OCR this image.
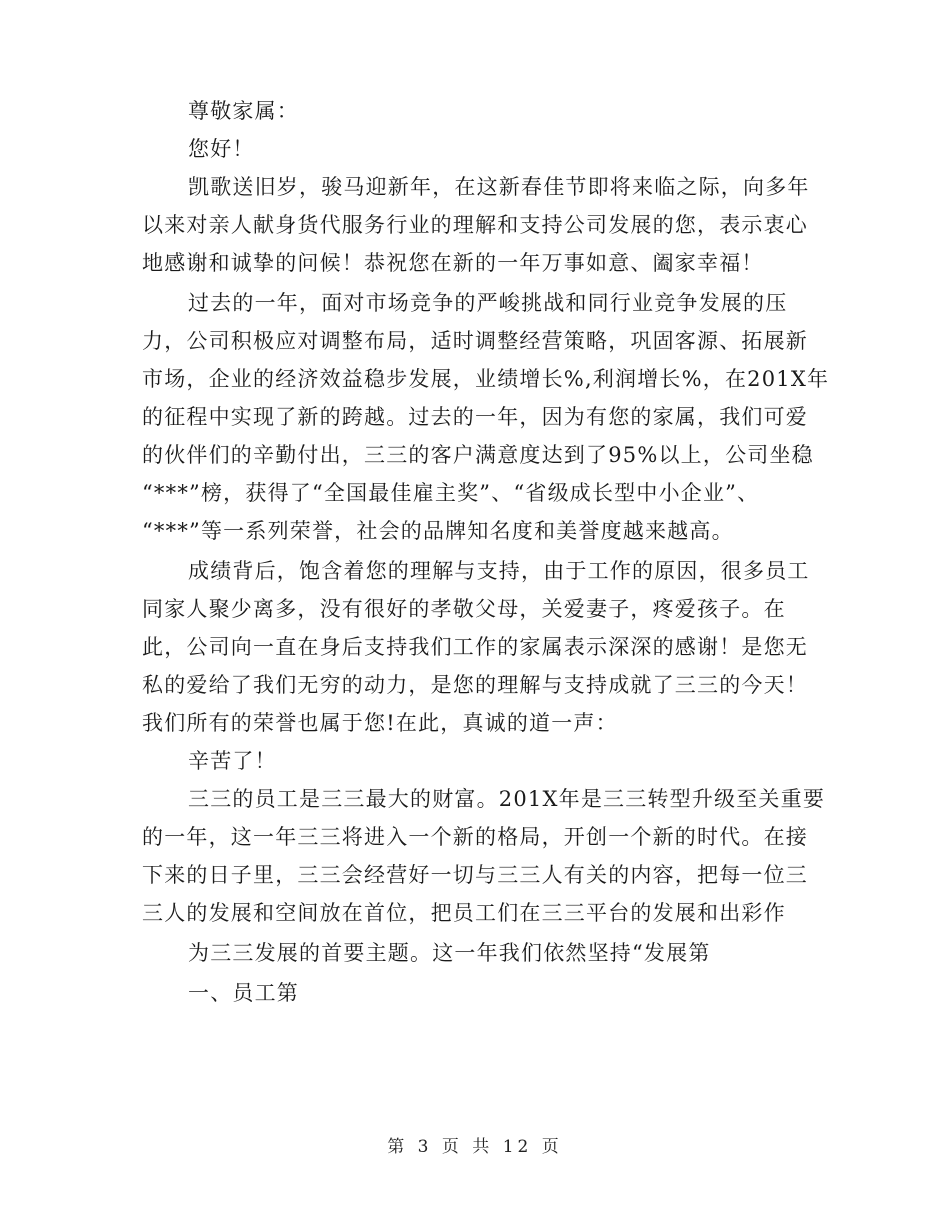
尊敬家属：
您好！
凯歌送旧岁，骏马迎新年，在这新春佳节即将来临之际，向多年
以来对亲人献身货代服务行业的理解和支持公司发展的您，表示衷心
地感谢和诚挚的问候！恭祝您在新的一年万事如意、阖家幸福！
过去的一年，面对市场竞争的严峻挑战和同行业竞争发展的压
力，公司积极应对调整布局，适时调整经营策略，巩固客源、拓展新
市场，企业的经济效益稳步发展，业绩增长%,利润增长%，在201X年
的征程中实现了新的跨越。过去的一年，因为有您的家属，我们可爱
的伙伴们的辛勤付出，三三的客户满意度达到了95%以上，公司坐稳
“***”榜，获得了“全国最佳雇主奖”、“省级成长型中小企业”、
“***”等一系列荣誉，社会的品牌知名度和美誉度越来越高。
成绩背后，饱含着您的理解与支持，由于工作的原因，很多员工
同家人聚少离多，没有很好的孝敬父母，关爱妻子，疼爱孩子。在
此，公司向一直在身后支持我们工作的家属表示深深的感谢！是您无
私的爱给了我们无穷的动力，是您的理解与支持成就了三三的今天！
我们所有的荣誉也属于您!在此，真诚的道一声：
辛苦了！
三三的员工是三三最大的财富。201X年是三三转型升级至关重要
的一年，这一年三三将进入一个新的格局，开创一个新的时代。在接
下来的日子里，三三会经营好一切与三三人有关的内容，把每一位三
三人的发展和空间放在首位，把员工们在三三平台的发展和出彩作
为三三发展的首要主题。这一年我们依然坚持“发展第
一、员工第
第 3 页 共 12 页
